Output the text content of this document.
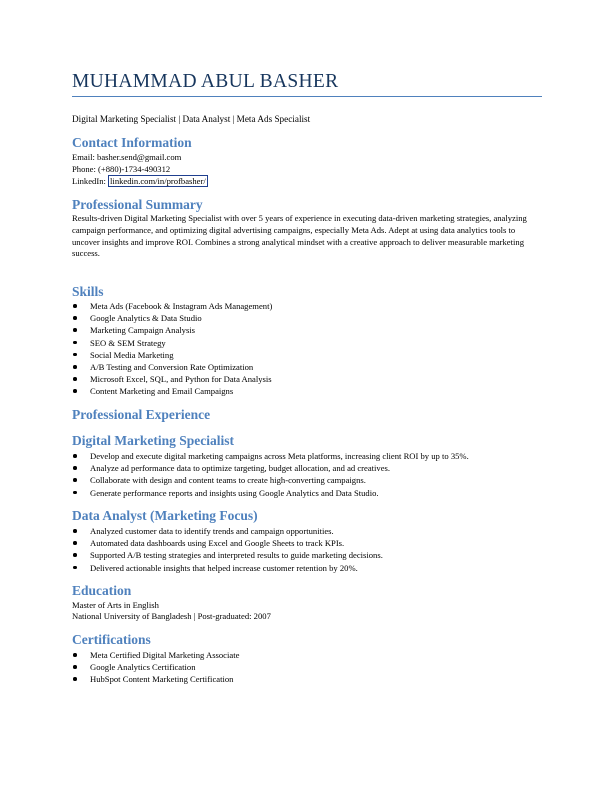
MUHAMMAD ABUL BASHER
Digital Marketing Specialist | Data Analyst | Meta Ads Specialist
Contact Information
Email: basher.send@gmail.com
Phone: (+880)-1734-490312
LinkedIn: linkedin.com/in/profbasher/
Professional Summary
Results-driven Digital Marketing Specialist with over 5 years of experience in executing data-driven marketing strategies, analyzing campaign performance, and optimizing digital advertising campaigns, especially Meta Ads. Adept at using data analytics tools to uncover insights and improve ROI. Combines a strong analytical mindset with a creative approach to deliver measurable marketing success.
Skills
Meta Ads (Facebook & Instagram Ads Management)
Google Analytics & Data Studio
Marketing Campaign Analysis
SEO & SEM Strategy
Social Media Marketing
A/B Testing and Conversion Rate Optimization
Microsoft Excel, SQL, and Python for Data Analysis
Content Marketing and Email Campaigns
Professional Experience
Digital Marketing Specialist
Develop and execute digital marketing campaigns across Meta platforms, increasing client ROI by up to 35%.
Analyze ad performance data to optimize targeting, budget allocation, and ad creatives.
Collaborate with design and content teams to create high-converting campaigns.
Generate performance reports and insights using Google Analytics and Data Studio.
Data Analyst (Marketing Focus)
Analyzed customer data to identify trends and campaign opportunities.
Automated data dashboards using Excel and Google Sheets to track KPIs.
Supported A/B testing strategies and interpreted results to guide marketing decisions.
Delivered actionable insights that helped increase customer retention by 20%.
Education
Master of Arts in English
National University of Bangladesh | Post-graduated: 2007
Certifications
Meta Certified Digital Marketing Associate
Google Analytics Certification
HubSpot Content Marketing Certification
